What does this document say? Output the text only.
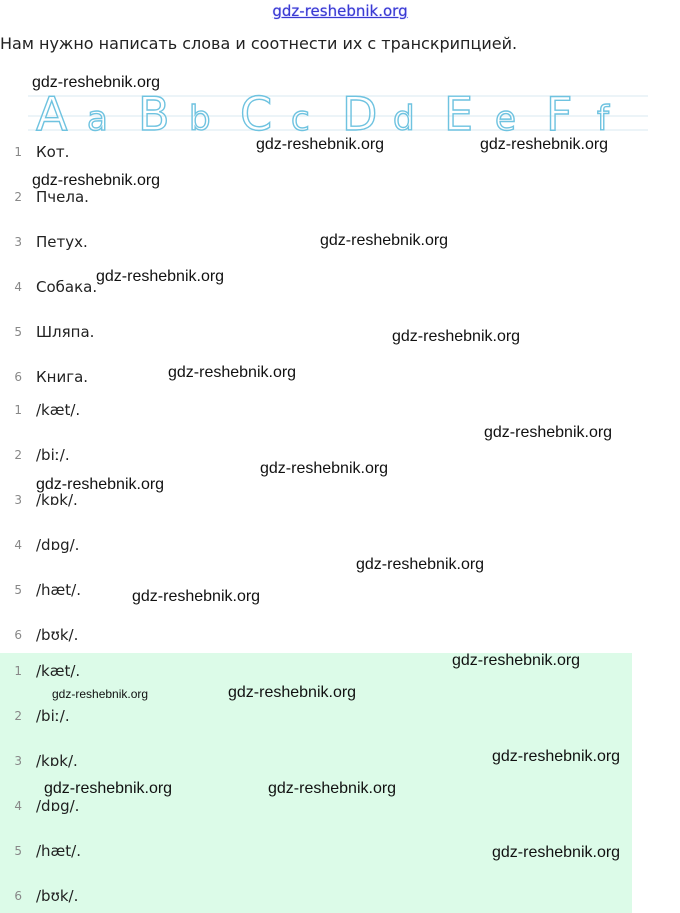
gdz-reshebnik.org
Нам нужно написать слова и соотнести их с транскрипцией.
A a B b C c D d E e F f
1 Кот.
2 Пчела.
3 Петух.
4 Собака.
5 Шляпа.
6 Книга.
1 /kæt/.
2 /biː/.
3 /kɒk/.
4 /dɒg/.
5 /hæt/.
6 /bʊk/.
1 /kæt/.
2 /biː/.
3 /kɒk/.
4 /dɒg/.
5 /hæt/.
6 /bʊk/.
gdz-reshebnik.org
gdz-reshebnik.org	gdz-reshebnik.org
gdz-reshebnik.org
gdz-reshebnik.org
gdz-reshebnik.org
gdz-reshebnik.org
gdz-reshebnik.org
gdz-reshebnik.org
gdz-reshebnik.org
gdz-reshebnik.org
gdz-reshebnik.org
gdz-reshebnik.org
gdz-reshebnik.org
gdz-reshebnik.org	gdz-reshebnik.org
gdz-reshebnik.org
gdz-reshebnik.org	gdz-reshebnik.org
gdz-reshebnik.org
